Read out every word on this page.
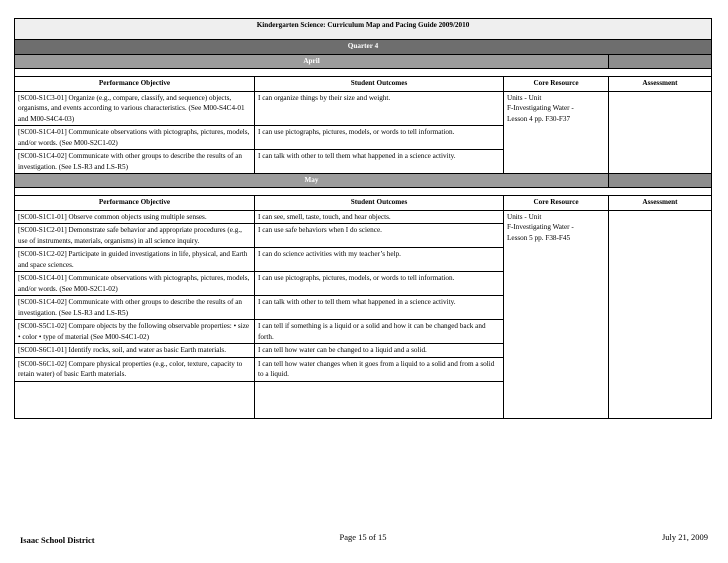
Kindergarten Science: Curriculum Map and Pacing Guide 2009/2010			
Quarter 4			
April			

Performance Objective	Student Outcomes	Core Resource	Assessment
[SC00-S1C3-01] Organize (e.g., compare, classify, and sequence) objects, organisms, and events according to various characteristics. (See M00-S4C4-01 and M00-S4C4-03)	I can organize things by their size and weight.	Units - Unit
F-Investigating Water -
Lesson 4 pp. F30-F37	

[SC00-S1C4-01] Communicate observations with pictographs, pictures, models, and/or words. (See M00-S2C1-02)	I can use pictographs, pictures, models, or words to tell information.		
[SC00-S1C4-02] Communicate with other groups to describe the results of an investigation. (See LS-R3 and LS-R5)	I can talk with other to tell them what happened in a science activity.		
May			

Performance Objective	Student Outcomes	Core Resource	Assessment
[SC00-S1C1-01] Observe common objects using multiple senses.	I can see, smell, taste, touch, and hear objects.	Units - Unit
F-Investigating Water -
Lesson 5 pp. F38-F45	

[SC00-S1C2-01] Demonstrate safe behavior and appropriate procedures (e.g., use of instruments, materials, organisms) in all science inquiry.	I can use safe behaviors when I do science.		
[SC00-S1C2-02] Participate in guided investigations in life, physical, and Earth and space sciences.	I can do science activities with my teacher’s help.		
[SC00-S1C4-01] Communicate observations with pictographs, pictures, models, and/or words. (See M00-S2C1-02)	I can use pictographs, pictures, models, or words to tell information.		
[SC00-S1C4-02] Communicate with other groups to describe the results of an investigation. (See LS-R3 and LS-R5)	I can talk with other to tell them what happened in a science activity.		
[SC00-S5C1-02] Compare objects by the following observable properties: • size • color • type of material (See M00-S4C1-02)	I can tell if something is a liquid or a solid and how it can be changed back and forth.		
[SC00-S6C1-01] Identify rocks, soil, and water as basic Earth materials.	I can tell how water can be changed to a liquid and a solid.		
[SC00-S6C1-02] Compare physical properties (e.g., color, texture, capacity to retain water) of basic Earth materials.	I can tell how water changes when it goes from a liquid to a solid and from a solid to a liquid.		

Isaac School District	Page 15 of 15	July 21, 2009
